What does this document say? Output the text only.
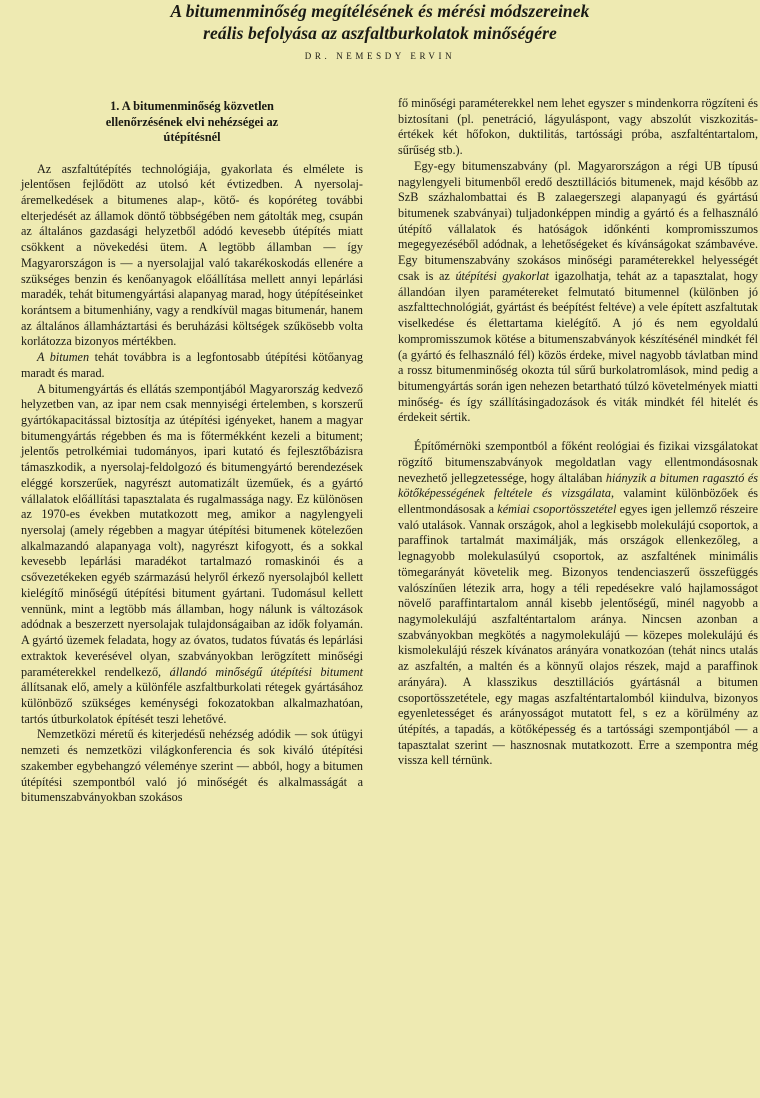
A bitumenminőség megítélésének és mérési módszereinek
reális befolyása az aszfaltburkolatok minőségére
DR. NEMESDY ERVIN
1. A bitumenminőség közvetlen
ellenőrzésének elvi nehézségei az
útépítésnél

Az aszfaltútépítés technológiája, gyakorlata és elmélete is jelentősen fejlődött az utolsó két évtizedben. A nyersolaj-áremelkedések a bitumenes alap-, kötő- és kopóréteg további elterjedését az államok döntő többségében nem gátolták meg, csupán az általános gazdasági helyzetből adódó kevesebb útépítés miatt csökkent a növekedési ütem. A legtöbb államban — így Magyarországon is — a nyersolajjal való takarékoskodás ellenére a szükséges benzin és kenőanyagok előállítása mellett annyi lepárlási maradék, tehát bitumengyártási alapanyag marad, hogy útépítéseinket korántsem a bitumenhiány, vagy a rendkívül magas bitumenár, hanem az általános államháztartási és beruházási költségek szűkösebb volta korlátozza bizonyos mértékben.

A bitumen tehát továbbra is a legfontosabb útépítési kötőanyag maradt és marad.

A bitumengyártás és ellátás szempontjából Magyarország kedvező helyzetben van, az ipar nem csak mennyiségi értelemben, s korszerű gyártókapacitással biztosítja az útépítési igényeket, hanem a magyar bitumengyártás régebben és ma is főtermékként kezeli a bitument; jelentős petrolkémiai tudományos, ipari kutató és fejlesztőbázisra támaszkodik, a nyersolaj-feldolgozó és bitumengyártó berendezések eléggé korszerűek, nagyrészt automatizált üzeműek, és a gyártó vállalatok előállítási tapasztalata és rugalmassága nagy. Ez különösen az 1970-es években mutatkozott meg, amikor a nagylengyeli nyersolaj (amely régebben a magyar útépítési bitumenek kötelezően alkalmazandó alapanyaga volt), nagyrészt kifogyott, és a sokkal kevesebb lepárlási maradékot tartalmazó romaskinói és a csővezetékeken egyéb származású helyről érkező nyersolajból kellett kielégítő minőségű útépítési bitument gyártani. Tudomásul kellett vennünk, mint a legtöbb más államban, hogy nálunk is változások adódnak a beszerzett nyersolajak tulajdonságaiban az idők folyamán. A gyártó üzemek feladata, hogy az óvatos, tudatos fúvatás és lepárlási extraktok keverésével olyan, szabványokban lerögzített minőségi paraméterekkel rendelkező, állandó minőségű útépítési bitument állítsanak elő, amely a különféle aszfaltburkolati rétegek gyártásához különböző szükséges keménységi fokozatokban alkalmazhatóan, tartós útburkolatok építését teszi lehetővé.

Nemzetközi méretű és kiterjedésű nehézség adódik — sok útügyi nemzeti és nemzetközi világkonferencia és sok kiváló útépítési szakember egybehangzó véleménye szerint — abból, hogy a bitumen útépítési szempontból való jó minőségét és alkalmasságát a bitumenszabványokban szokásos

fő minőségi paraméterekkel nem lehet egyszer s mindenkorra rögzíteni és biztosítani (pl. penetráció, lágyuláspont, vagy abszolút viszkozitás-értékek két hőfokon, duktilitás, tartóssági próba, aszfalténtartalom, sűrűség stb.).

Egy-egy bitumenszabvány (pl. Magyarországon a régi UB típusú nagylengyeli bitumenből eredő desztillációs bitumenek, majd később az SzB százhalombattai és B zalaegerszegi alapanyagú és gyártású bitumenek szabványai) tuljadonképpen mindig a gyártó és a felhasználó útépítő vállalatok és hatóságok időnkénti kompromisszumos megegyezéséből adódnak, a lehetőségeket és kívánságokat számbavéve. Egy bitumenszabvány szokásos minőségi paraméterekkel helyességét csak is az útépítési gyakorlat igazolhatja, tehát az a tapasztalat, hogy állandóan ilyen paramétereket felmutató bitumennel (különben jó aszfalttechnológiát, gyártást és beépítést feltéve) a vele épített aszfaltutak viselkedése és élettartama kielégítő. A jó és nem egyoldalú kompromisszumok kötése a bitumenszabványok készítésénél mindkét fél (a gyártó és felhasználó fél) közös érdeke, mivel nagyobb távlatban mind a rossz bitumenminőség okozta túl sűrű burkolatromlások, mind pedig a bitumengyártás során igen nehezen betartható túlzó követelmények miatti minőség- és így szállításingadozások és viták mindkét fél hitelét és érdekeit sértik.

Építőmérnöki szempontból a főként reológiai és fizikai vizsgálatokat rögzítő bitumenszabványok megoldatlan vagy ellentmondásosnak nevezhető jellegzetessége, hogy általában hiányzik a bitumen ragasztó és kötőképességének feltétele és vizsgálata, valamint különbözőek és ellentmondásosak a kémiai csoportösszetétel egyes igen jellemző részeire való utalások. Vannak országok, ahol a legkisebb molekulájú csoportok, a paraffinok tartalmát maximálják, más országok ellenkezőleg, a legnagyobb molekulasúlyú csoportok, az aszfaltének minimális tömegarányát követelik meg. Bizonyos tendenciaszerű összefüggés valószínűen létezik arra, hogy a téli repedésekre való hajlamosságot növelő paraffintartalom annál kisebb jelentőségű, minél nagyobb a nagymolekulájú aszfalténtartalom aránya. Nincsen azonban a szabványokban megkötés a nagymolekulájú — közepes molekulájú és kismolekulájú részek kívánatos arányára vonatkozóan (tehát nincs utalás az aszfaltén, a maltén és a könnyű olajos részek, majd a paraffinok arányára). A klasszikus desztillációs gyártásnál a bitumen csoportösszetétele, egy magas aszfalténtartalomból kiindulva, bizonyos egyenletességet és arányosságot mutatott fel, s ez a körülmény az útépítés, a tapadás, a kötőképesség és a tartóssági szempontjából — a tapasztalat szerint — hasznosnak mutatkozott. Erre a szempontra még vissza kell térnünk.
